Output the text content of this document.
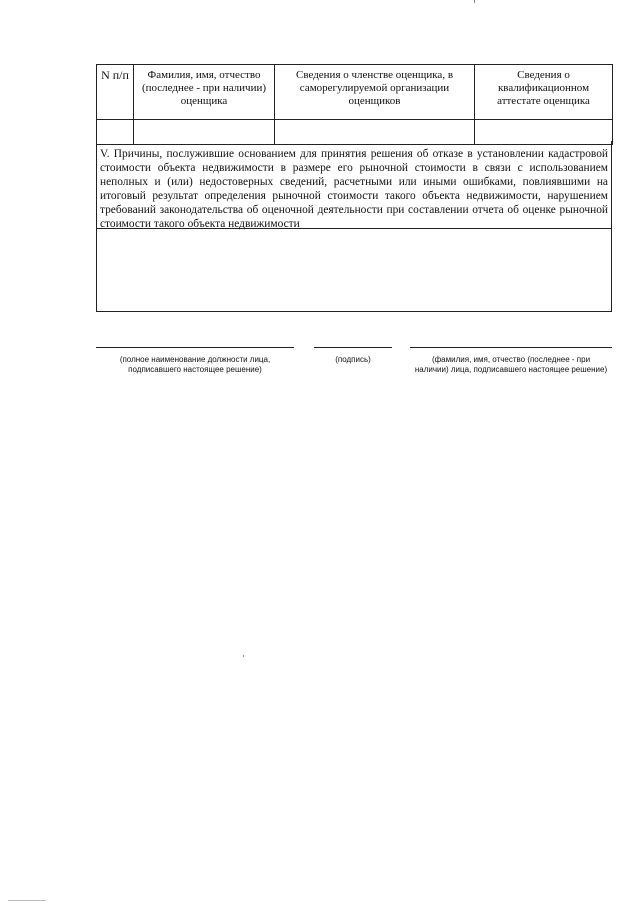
N п/п	Фамилия, имя, отчество (последнее - при наличии) оценщика	Сведения о членстве оценщика, в саморегулируемой организации оценщиков	Сведения о квалификационном аттестате оценщика

V. Причины, послужившие основанием для принятия решения об отказе в установлении кадастровой стоимости объекта недвижимости в размере его рыночной стоимости в связи с использованием неполных и (или) недостоверных сведений, расчетными или иными ошибками, повлиявшими на итоговый результат определения рыночной стоимости такого объекта недвижимости, нарушением требований законодательства об оценочной деятельности при составлении отчета об оценке рыночной стоимости такого объекта недвижимости
(полное наименование должности лица, подписавшего настоящее решение)
(подпись)	(фамилия, имя, отчество (последнее - при наличии) лица, подписавшего настоящее решение)
